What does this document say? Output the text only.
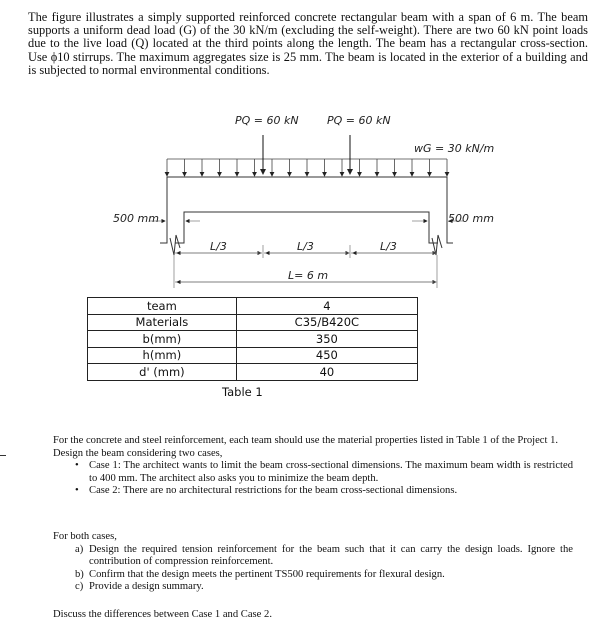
The figure illustrates a simply supported reinforced concrete rectangular beam with a span of 6 m. The beam supports a uniform dead load (G) of the 30 kN/m (excluding the self-weight). There are two 60 kN point loads due to the live load (Q) located at the third points along the length. The beam has a rectangular cross-section. Use ϕ10 stirrups. The maximum aggregates size is 25 mm. The beam is located in the exterior of a building and is subjected to normal environmental conditions.
PQ = 60 kN	PQ = 60 kN
wG = 30 kN/m
500 mm	500 mm
L/3	L/3	L/3
L= 6 m
team	4
Materials	C35/B420C
b(mm)	350
h(mm)	450
d' (mm)	40
Table 1

For the concrete and steel reinforcement, each team should use the material properties listed in Table 1 of the Project 1.

Design the beam considering two cases,

• Case 1: The architect wants to limit the beam cross-sectional dimensions. The maximum beam width is restricted to 400 mm. The architect also asks you to minimize the beam depth.
• Case 2: There are no architectural restrictions for the beam cross-sectional dimensions.

For both cases,

a) Design the required tension reinforcement for the beam such that it can carry the design loads. Ignore the contribution of compression reinforcement.
b) Confirm that the design meets the pertinent TS500 requirements for flexural design.
c) Provide a design summary.
Discuss the differences between Case 1 and Case 2.
